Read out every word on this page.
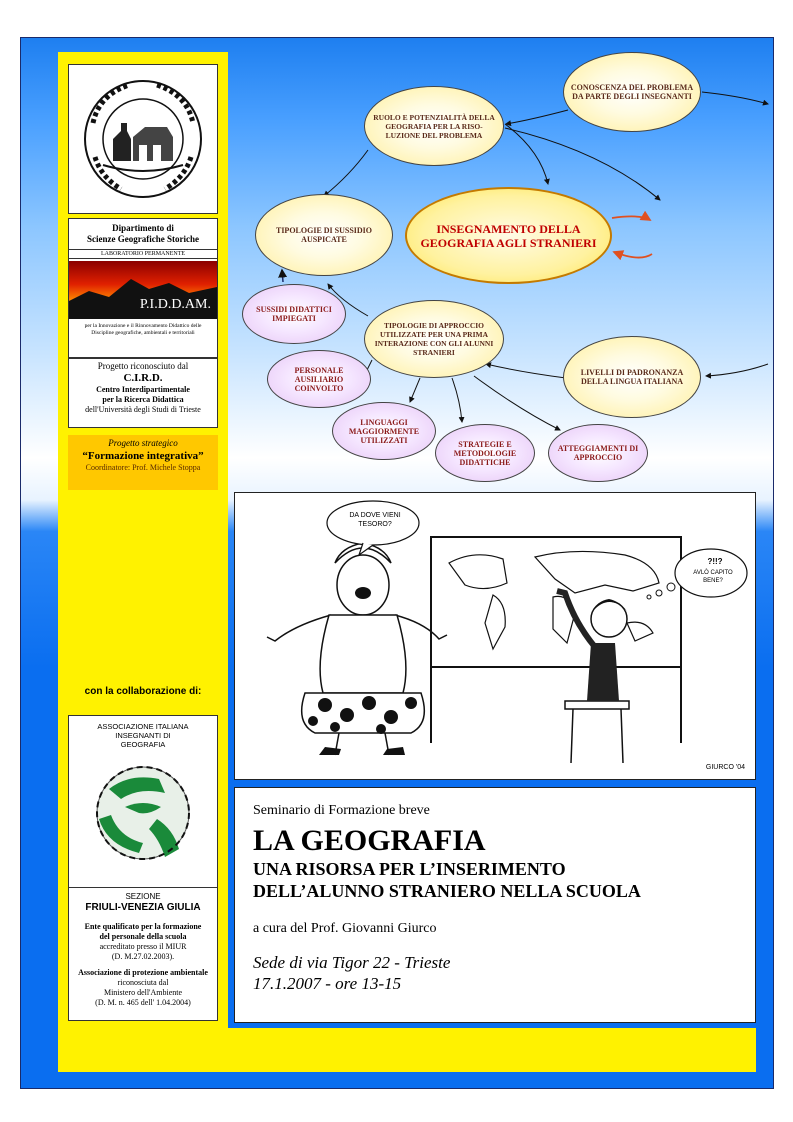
Dipartimento di
Scienze Geografiche Storiche
LABORATORIO PERMANENTE
P.I.D.D.AM.
per la Innovazione e il Rinnovamento Didattico delle Discipline geografiche, ambientali e territoriali
Progetto riconosciuto dal
C.I.R.D.
Centro Interdipartimentale
per la Ricerca Didattica
dell'Università degli Studi di Trieste
Progetto strategico
“Formazione integrativa”
Coordinatore: Prof. Michele Stoppa
con la collaborazione di:
ASSOCIAZIONE ITALIANA
INSEGNANTI DI
GEOGRAFIA
SEZIONE
FRIULI-VENEZIA GIULIA
Ente qualificato per la formazione
del personale della scuola
accreditato presso il MIUR
(D. M.27.02.2003).
Associazione di protezione ambientale
riconosciuta dal
Ministero dell'Ambiente
(D. M. n. 465 dell' 1.04.2004)
CONOSCENZA DEL PROBLEMA DA PARTE DEGLI INSEGNANTI
RUOLO E POTENZIALITÀ DELLA GEOGRAFIA PER LA RISO-LUZIONE DEL PROBLEMA
INSEGNAMENTO DELLA GEOGRAFIA AGLI STRANIERI
TIPOLOGIE DI SUSSIDIO AUSPICATE
SUSSIDI DIDATTICI IMPIEGATI
TIPOLOGIE DI APPROCCIO UTILIZZATE PER UNA PRIMA INTERAZIONE CON GLI ALUNNI STRANIERI
LIVELLI DI PADRONANZA DELLA LINGUA ITALIANA
PERSONALE AUSILIARIO COINVOLTO
LINGUAGGI MAGGIORMENTE UTILIZZATI	STRATEGIE E METODOLOGIE DIDATTICHE
ATTEGGIAMENTI DI APPROCCIO
DA DOVE VIENI TESORO?
?!!?
AVLÒ CAPITO BENE?
GIURCO '04
Seminario di Formazione breve
LA GEOGRAFIA
UNA RISORSA PER L’INSERIMENTO
DELL’ALUNNO STRANIERO NELLA SCUOLA
a cura del Prof. Giovanni Giurco
Sede di via Tigor 22 - Trieste
17.1.2007 - ore 13-15
